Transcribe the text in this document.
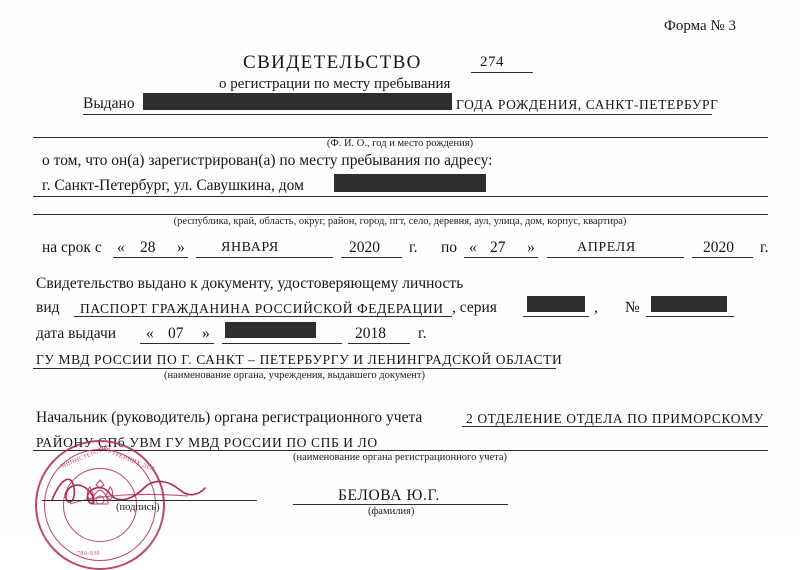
Форма № 3
СВИДЕТЕЛЬСТВО	274
о регистрации по месту пребывания
Выдано	ГОДА РОЖДЕНИЯ, САНКТ-ПЕТЕРБУРГ
(Ф. И. О., год и место рождения)
о том, что он(а) зарегистрирован(а) по месту пребывания по адресу:
г. Санкт-Петербург, ул. Савушкина, дом
(республика, край, область, округ, район, город, пгт, село, деревня, аул, улица, дом, корпус, квартира)
на срок с « 28 »	ЯНВАРЯ	2020 г. по « 27 »	АПРЕЛЯ	2020 г.
Свидетельство выдано к документу, удостоверяющему личность
вид ПАСПОРТ ГРАЖДАНИНА РОССИЙСКОЙ ФЕДЕРАЦИИ , серия	, №
дата выдачи « 07 »	2018 г.
ГУ МВД РОССИИ ПО Г. САНКТ – ПЕТЕРБУРГУ И ЛЕНИНГРАДСКОЙ ОБЛАСТИ
(наименование органа, учреждения, выдавшего документ)
Начальник (руководитель) органа регистрационного учета	2 ОТДЕЛЕНИЕ ОТДЕЛА ПО ПРИМОРСКОМУ
РАЙОНУ СПб УВМ ГУ МВД РОССИИ ПО СПБ И ЛО
(наименование органа регистрационного учета)
МИНИСТЕРСТВО
ВНУТРЕННИХ ДЕЛ
780-039
(подпись)
БЕЛОВА Ю.Г.
(фамилия)
